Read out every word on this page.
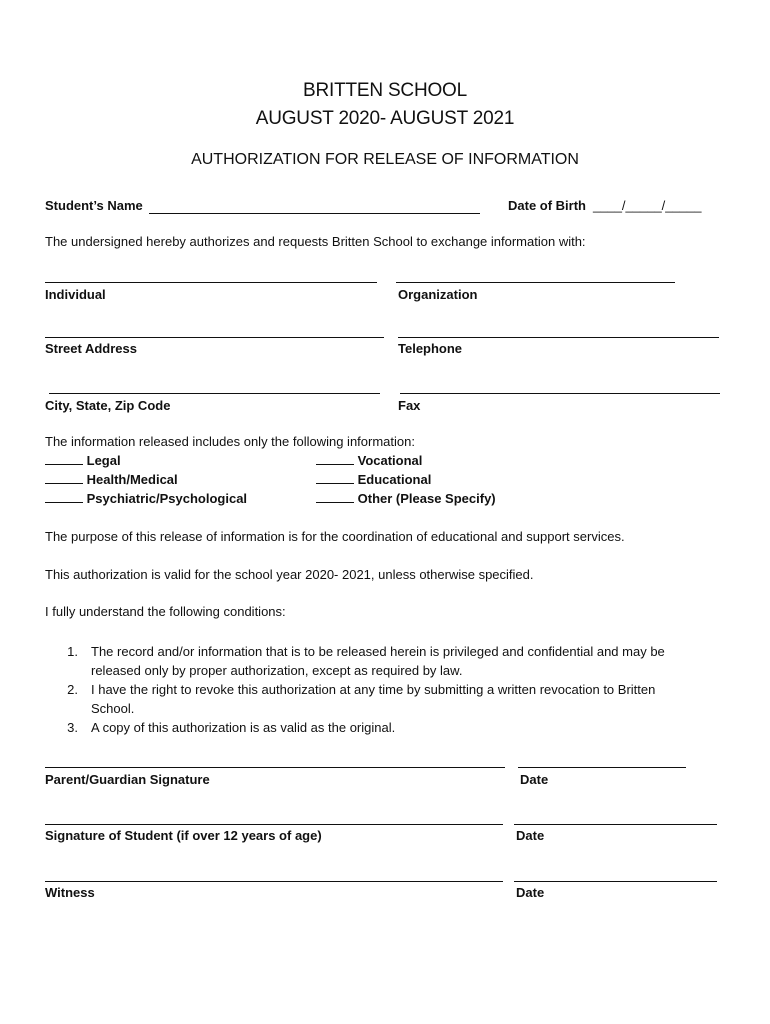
BRITTEN SCHOOL
AUGUST 2020- AUGUST 2021
AUTHORIZATION FOR RELEASE OF INFORMATION
Student’s Name	Date of Birth ____/_____/_____
The undersigned hereby authorizes and requests Britten School to exchange information with:
Individual	Organization
Street Address	Telephone
City, State, Zip Code	Fax
The information released includes only the following information:
Legal
Health/Medical
Psychiatric/Psychological
Vocational
Educational
Other (Please Specify)
The purpose of this release of information is for the coordination of educational and support services.
This authorization is valid for the school year 2020- 2021, unless otherwise specified.
I fully understand the following conditions:
1. The record and/or information that is to be released herein is privileged and confidential and may be
released only by proper authorization, except as required by law.
2. I have the right to revoke this authorization at any time by submitting a written revocation to Britten
School.
3. A copy of this authorization is as valid as the original.
Parent/Guardian Signature	Date
Signature of Student (if over 12 years of age)	Date
Witness	Date
